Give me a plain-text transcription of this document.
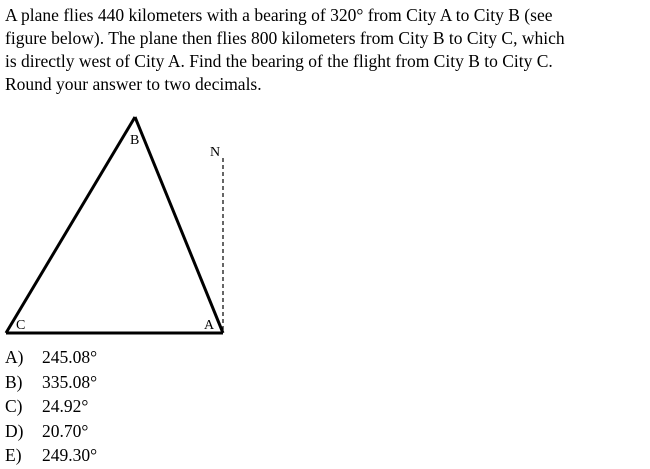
A plane flies 440 kilometers with a bearing of 320° from City A to City B (see
figure below). The plane then flies 800 kilometers from City B to City C, which
is directly west of City A. Find the bearing of the flight from City B to City C.
Round your answer to two decimals.

B
C	A
N
A)	245.08°
B)	335.08°
C)	24.92°
D)	20.70°
E)	249.30°
